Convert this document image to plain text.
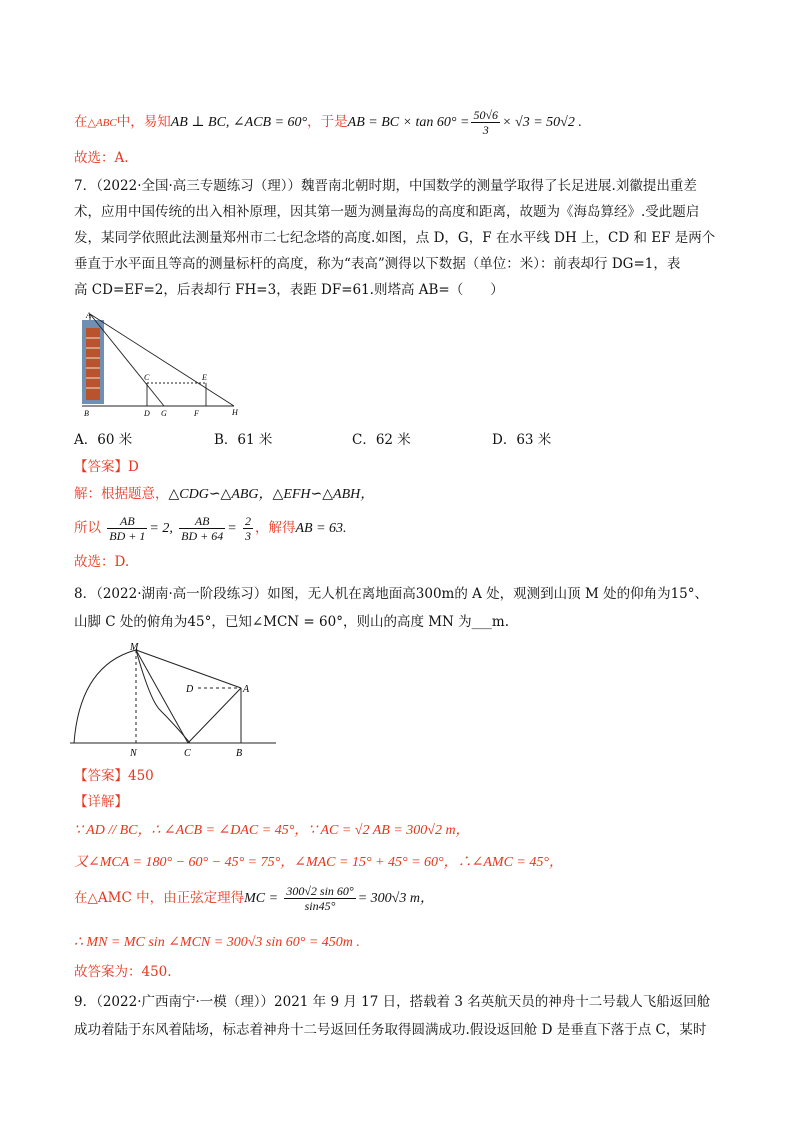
在△ABC中，易知AB ⊥ BC, ∠ACB = 60°，于是AB = BC × $\tan 60^\circ = \frac{50√6}{3} \times √3 = 50√2$ .
故选：A.
7．（2022·全国·高三专题练习（理））魏晋南北朝时期，中国数学的测量学取得了长足进展.刘徽提出重差
术，应用中国传统的出入相补原理，因其第一题为测量海岛的高度和距离，故题为《海岛算经》.受此题启
发，某同学依照此法测量郑州市二七纪念塔的高度.如图，点 D，G，F 在水平线 DH 上，CD 和 EF 是两个
垂直于水平面且等高的测量标杆的高度，称为“表高”测得以下数据（单位：米）：前表却行 DG=1，表
高 CD=EF=2，后表却行 FH=3，表距 DF=61.则塔高 AB=（　　）
A
C	E
B	D G	F	H
A．60 米	B．61 米	C．62 米	D．63 米
【答案】D
解：根据题意，△CDG∽△ABG，△EFH∽△ABH，
所以 $\frac{AB}{BD + 1} = 2$, $\frac{AB}{BD + 64} = \frac{2}{3}$ ，解得AB = 63.
故选：D.
8．（2022·湖南·高一阶段练习）如图，无人机在离地面高300m的 A 处，观测到山顶 M 处的仰角为15°、
山脚 C 处的俯角为45°，已知∠MCN = 60°，则山的高度 MN 为___m.
M
D	A
N	C	B
【答案】450
【详解】
∵ AD // BC，∴ ∠ACB = ∠DAC = 45°，∵ AC = √2 AB = 300√2 m，
又∠MCA = 180° − 60° − 45° = 75°，∠MAC = 15° + 45° = 60°，∴∠AMC = 45°，
在△AMC 中，由正弦定理得MC = $\frac{300√2 \sin 60^\circ}{\sin 45^\circ} = 300√3$ m，
∴ MN = MC sin ∠MCN = 300√3 sin 60° = 450m .
故答案为：450.
9．（2022·广西南宁·一模（理））2021 年 9 月 17 日，搭载着 3 名英航天员的神舟十二号载人飞船返回舱
成功着陆于东风着陆场，标志着神舟十二号返回任务取得圆满成功.假设返回舱 D 是垂直下落于点 C，某时
